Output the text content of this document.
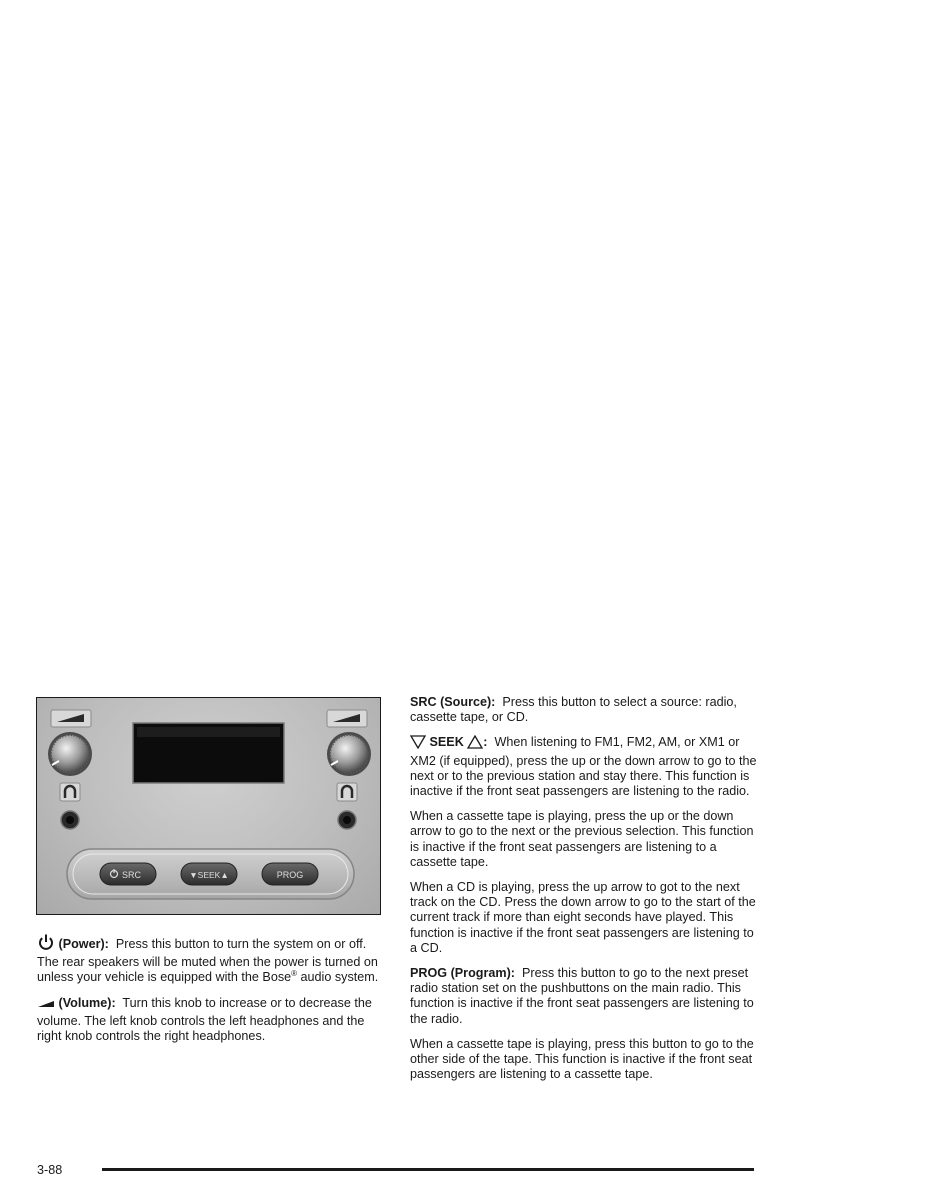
SRC	▼SEEK▲	PROG

(Power): Press this button to turn the system on or off. The rear speakers will be muted when the power is turned on unless your vehicle is equipped with the Bose® audio system.

(Volume): Turn this knob to increase or to decrease the volume. The left knob controls the left headphones and the right knob controls the right headphones.

SRC (Source): Press this button to select a source: radio, cassette tape, or CD.

SEEK : When listening to FM1, FM2, AM, or XM1 or XM2 (if equipped), press the up or the down arrow to go to the next or to the previous station and stay there. This function is inactive if the front seat passengers are listening to the radio.

When a cassette tape is playing, press the up or the down arrow to go to the next or the previous selection. This function is inactive if the front seat passengers are listening to a cassette tape.

When a CD is playing, press the up arrow to got to the next track on the CD. Press the down arrow to go to the start of the current track if more than eight seconds have played. This function is inactive if the front seat passengers are listening to a CD.

PROG (Program): Press this button to go to the next preset radio station set on the pushbuttons on the main radio. This function is inactive if the front seat passengers are listening to the radio.

When a cassette tape is playing, press this button to go to the other side of the tape. This function is inactive if the front seat passengers are listening to a cassette tape.

3-88
